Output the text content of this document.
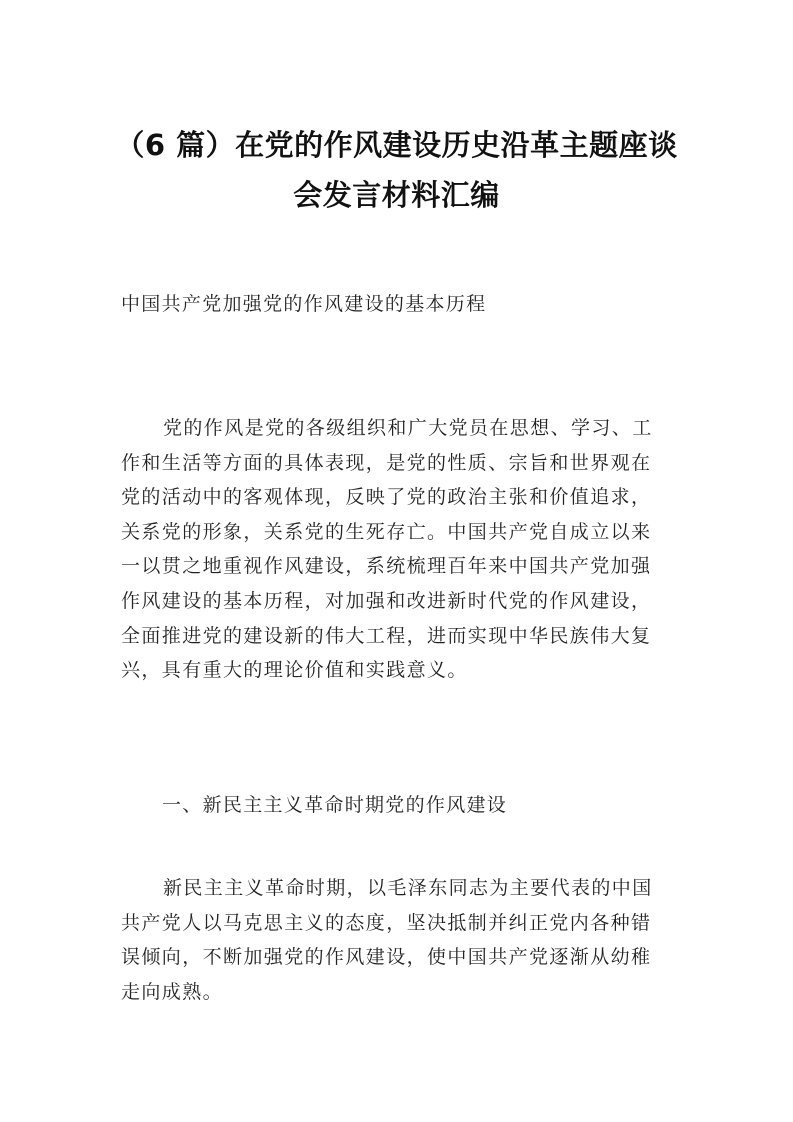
（6 篇）在党的作风建设历史沿革主题座谈
会发言材料汇编
中国共产党加强党的作风建设的基本历程
党的作风是党的各级组织和广大党员在思想、学习、工
作和生活等方面的具体表现，是党的性质、宗旨和世界观在
党的活动中的客观体现，反映了党的政治主张和价值追求，
关系党的形象，关系党的生死存亡。中国共产党自成立以来
一以贯之地重视作风建设，系统梳理百年来中国共产党加强
作风建设的基本历程，对加强和改进新时代党的作风建设，
全面推进党的建设新的伟大工程，进而实现中华民族伟大复
兴，具有重大的理论价值和实践意义。
一、新民主主义革命时期党的作风建设
新民主主义革命时期，以毛泽东同志为主要代表的中国
共产党人以马克思主义的态度，坚决抵制并纠正党内各种错
误倾向，不断加强党的作风建设，使中国共产党逐渐从幼稚
走向成熟。
